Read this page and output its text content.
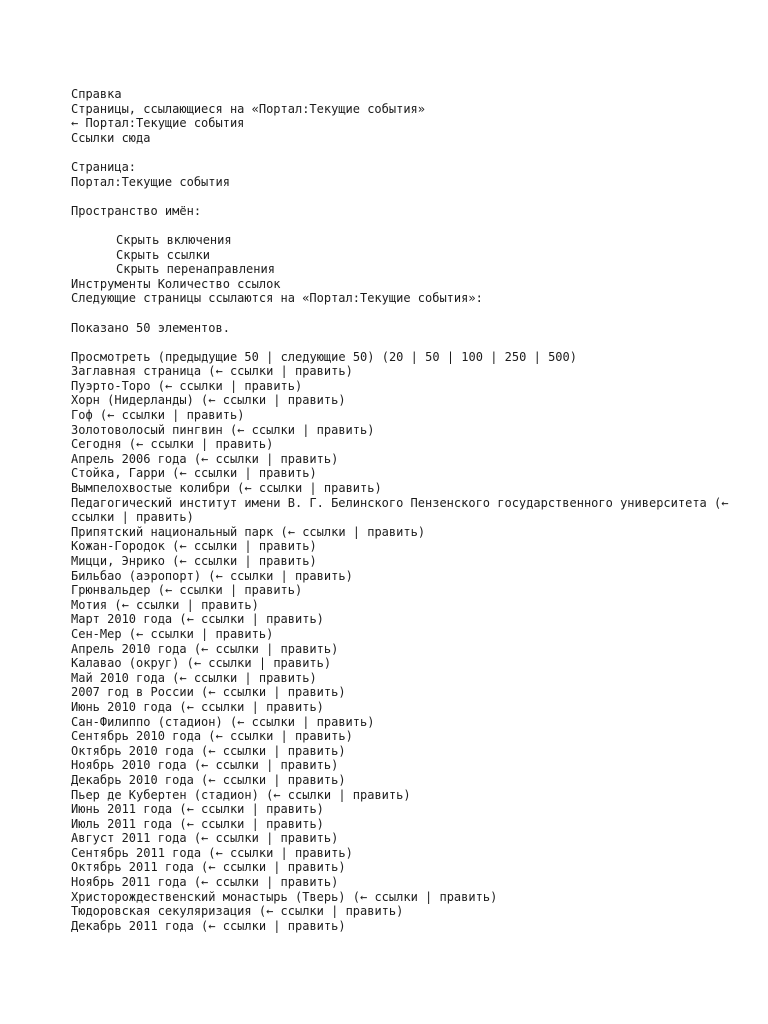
Справка
Страницы, ссылающиеся на «Портал:Текущие события»
← Портал:Текущие события
Ссылки сюда
Страница:
Портал:Текущие события
Пространство имён:
Скрыть включения
Скрыть ссылки
Скрыть перенаправления
Инструменты Количество ссылок
Следующие страницы ссылаются на «Портал:Текущие события»:
Показано 50 элементов.
Просмотреть (предыдущие 50 | следующие 50) (20 | 50 | 100 | 250 | 500)
Заглавная страница (← ссылки | править)
Пуэрто-Торо (← ссылки | править)
Хорн (Нидерланды) (← ссылки | править)
Гоф (← ссылки | править)
Золотоволосый пингвин (← ссылки | править)
Сегодня (← ссылки | править)
Апрель 2006 года (← ссылки | править)
Стойка, Гарри (← ссылки | править)
Вымпелохвостые колибри (← ссылки | править)
Педагогический институт имени В. Г. Белинского Пензенского государственного университета (← ссылки | править)
Припятский национальный парк (← ссылки | править)
Кожан-Городок (← ссылки | править)
Мицци, Энрико (← ссылки | править)
Бильбао (аэропорт) (← ссылки | править)
Грюнвальдер (← ссылки | править)
Мотия (← ссылки | править)
Март 2010 года (← ссылки | править)
Сен-Мер (← ссылки | править)
Апрель 2010 года (← ссылки | править)
Калавао (округ) (← ссылки | править)
Май 2010 года (← ссылки | править)
2007 год в России (← ссылки | править)
Июнь 2010 года (← ссылки | править)
Сан-Филиппо (стадион) (← ссылки | править)
Сентябрь 2010 года (← ссылки | править)
Октябрь 2010 года (← ссылки | править)
Ноябрь 2010 года (← ссылки | править)
Декабрь 2010 года (← ссылки | править)
Пьер де Кубертен (стадион) (← ссылки | править)
Июнь 2011 года (← ссылки | править)
Июль 2011 года (← ссылки | править)
Август 2011 года (← ссылки | править)
Сентябрь 2011 года (← ссылки | править)
Октябрь 2011 года (← ссылки | править)
Ноябрь 2011 года (← ссылки | править)
Христорождественский монастырь (Тверь) (← ссылки | править)
Тюдоровская секуляризация (← ссылки | править)
Декабрь 2011 года (← ссылки | править)
